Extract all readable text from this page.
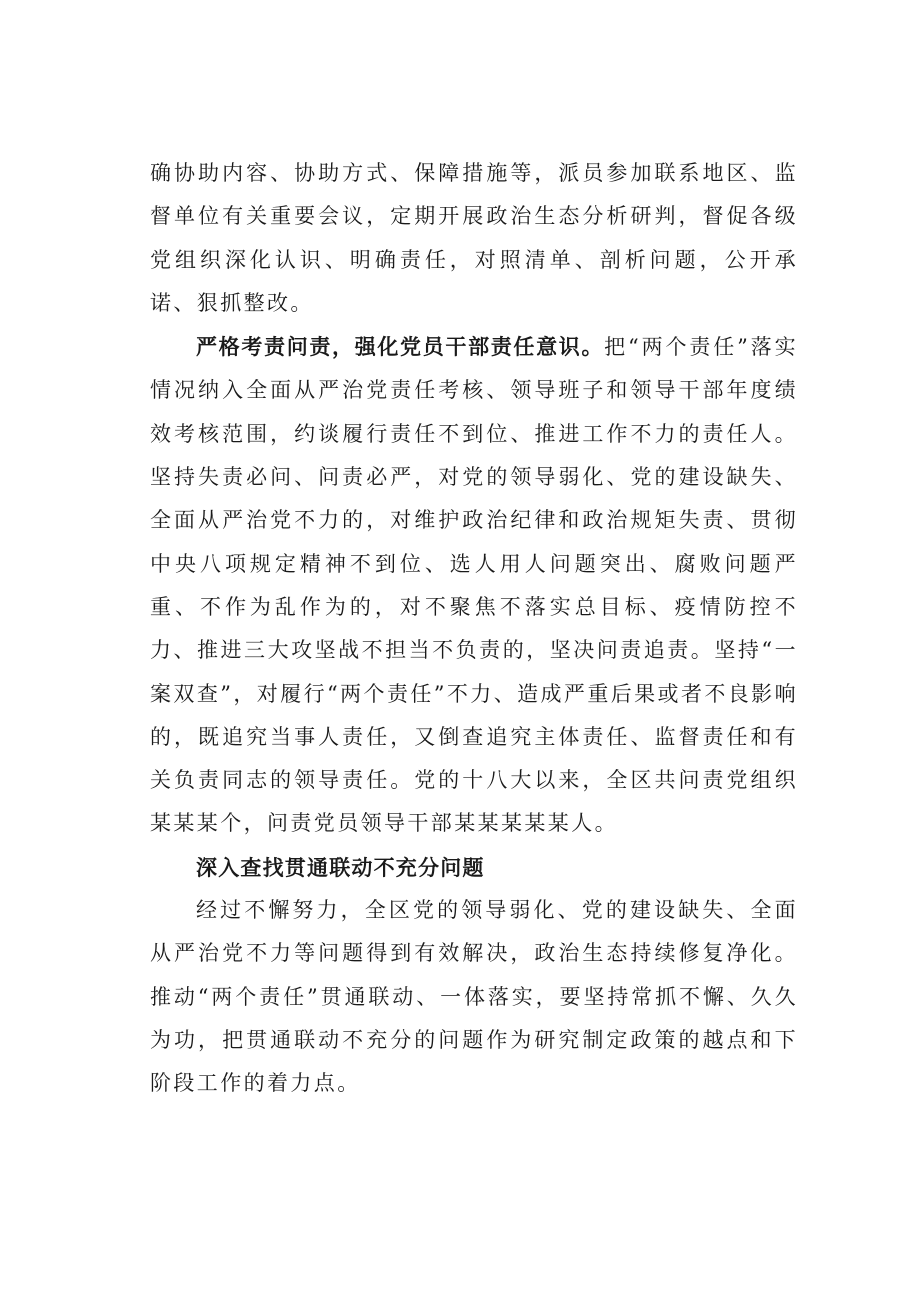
确协助内容、协助方式、保障措施等，派员参加联系地区、监督单位有关重要会议，定期开展政治生态分析研判，督促各级党组织深化认识、明确责任，对照清单、剖析问题，公开承诺、狠抓整改。

严格考责问责，强化党员干部责任意识。把“两个责任”落实情况纳入全面从严治党责任考核、领导班子和领导干部年度绩效考核范围，约谈履行责任不到位、推进工作不力的责任人。坚持失责必问、问责必严，对党的领导弱化、党的建设缺失、全面从严治党不力的，对维护政治纪律和政治规矩失责、贯彻中央八项规定精神不到位、选人用人问题突出、腐败问题严重、不作为乱作为的，对不聚焦不落实总目标、疫情防控不力、推进三大攻坚战不担当不负责的，坚决问责追责。坚持“一案双查”，对履行“两个责任”不力、造成严重后果或者不良影响的，既追究当事人责任，又倒查追究主体责任、监督责任和有关负责同志的领导责任。党的十八大以来，全区共问责党组织某某某个，问责党员领导干部某某某某某人。

深入查找贯通联动不充分问题

经过不懈努力，全区党的领导弱化、党的建设缺失、全面从严治党不力等问题得到有效解决，政治生态持续修复净化。推动“两个责任”贯通联动、一体落实，要坚持常抓不懈、久久为功，把贯通联动不充分的问题作为研究制定政策的越点和下阶段工作的着力点。
